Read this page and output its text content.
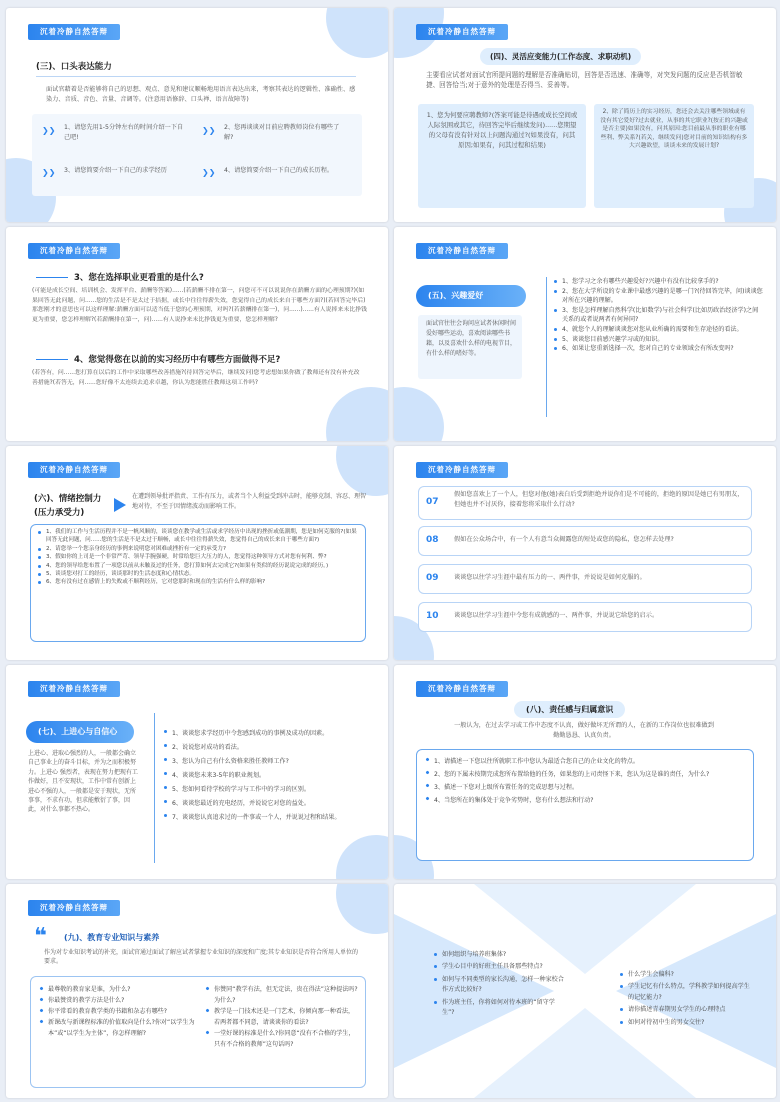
沉着冷静自然答辩
(三)、口头表达能力
面试官藉着是否能够将自己的思想、观点、意见和建议顺畅地用语言表达出来，考察其表达的逻辑性、准确性、感染力、音质、音色、音量、音调等。(注意用语修辞、口头禅、语言故障等)
❯❯ 1、请您先用1-5分钟左右的时间介绍一下自己吧!
❯❯ 2、您再谈谈对目前应聘教师岗位有哪些了解?
❯❯ 3、请您简要介绍一下自己的求学经历	❯❯ 4、请您简要介绍一下自己的成长历程。
沉着冷静自然答辩
(四)、灵活应变能力(工作态度、求职动机)
主要看应试者对面试官所提问题的理解是否准确贴切，回答是否迅速、准确等，对突发问题的反应是否机智敏捷、回答恰当;对于意外的处理是否得当、妥善等。
1、您为何要应聘教师?(答案可能是待遇或成长空间或人际氛围或其它，待回答完毕后继续发问)......您期望的父母有没有针对以上问题沟通过?(如果没有，问其原因;如果有，问其过程和结果)
2、除了简历上的实习经历，您还会去关注哪些领域或有没有其它爱好?过去就业，从事的其它职业?(按正的兴趣或是否主要)如果没有，问其原因:您目前最从事的职业有哪些利、弊关系?(若关，继续发问)您对目前的知识结构有多大兴趣欲望，谈谈未来的发展计划?
沉着冷静自然答辩
3、您在选择职业更看重的是什么?
(可能是成长空间、培训机会、发挥平台、薪酬等答案)......(若薪酬不排在第一，问您可不可以说说你在薪酬方面的心理预期?)(如果回答无此问题，问......您的生活是不是太过于拮据，或长中往往得薪失效，您觉得自己的成长来自于哪些方面?)(若回答完毕后)那您刚才的意思也可以这样理解:薪酬方面可以适当低于您的心理预期，对吗?(若薪酬排在第一)，问......)......有人说摔来未比挣钱更为重要，您怎样理解?(若薪酬排在第一，问)......有人说挣来未比挣钱更为重要，您怎样理解?
4、您觉得您在以前的实习经历中有哪些方面做得不足?
(若答有，问......您打算在以后的工作中采取哪些改善措施?(待回答完毕后，继续发问)您考虑想如果你做了教师还有没有补充改善措施?(若答无，问......您好像不太连续去追求卓越，你认为您能胜任教师这项工作吗?
沉着冷静自然答辩
(五)、兴趣爱好
面试官往往会询问应试者休闲时间爱好哪些运动，喜欢阅读哪些书籍，以及喜欢什么样的电视节目，有什么样的嗜好等。
1、您学习之余有哪些兴趣爱好?兴趣中有没有比较拿手的?
2、您在大学所设的专业课中最感兴趣的是哪一门?(待回答完毕，问)谈谈您对所在兴趣的理解。
3、您是怎样理解自然科学(比如数学)与社会科学(比如历政治经济学)之间关系的或者说两者有何异同?
4、就您个人的理解谈谈您对您从业所确的需要和生存途径的看法。
5、谈谈您目前感兴趣学习或的知识。
6、如果让您重新选择一次，您对自己的专业领域会有所改变吗?
沉着冷静自然答辩
(六)、情绪控制力
(压力承受力)
在遭到领导批评指责、工作有压力，或者当个人利益受到冲击时，能够克制、容忍、理智地对待，不至于因情绪波动而影响工作。
1、我们的工作与生活历程并不是一帆风顺的，谈谈您在教学或生活或求学经历中出现的挫折或低潮期，您是如何克服的?(如果回答无此问题，问......您的生活是不是太过于顺畅，或长中往往得薪失效，您觉得自己的成长来自于哪些方面?)
2、请您举一个您亲身经历的事例来说明您对困难或挫折有一定的承受力?
3、假如你的上司是一个非常严苛、领导手腕强硬，时常给您巨大压力的人，您觉得这种领导方式对您有何利、弊?
4、您的领导给您布置了一项您以前从未触及过的任务，您打算如何去完成它?(如果有类似的经历说说完成的经历。)
5、谈谈您对打工的经历，谈谈那时的生活态度和心情状态。
6、您有没有过在感情上的失败或不顺利经历，它对您那时和现在的生活有什么样的影响?
沉着冷静自然答辩
07
假如您喜欢上了一个人，但您对他(她)表白后受到拒绝并说你们是不可能的，拒绝的原因是她已有男朋友，但她也并不讨厌你，接着您将采取什么行动?
08 假如在公众场合中，有一个人有意当众揭露您的短处或您的隐私，您怎样去处理?
09 谈谈您以往学习生涯中最有压力的一、两件事，并说说是如何克服的。
10 谈谈您以往学习生涯中令您有成就感的一、两件事，并说说它给您的启示。
沉着冷静自然答辩
(七)、上进心与自信心
上进心、进取心强烈的人，一般都会确立自己事业上的奋斗目标，并为之而积极努力。上进心 强烈者，表现在努力把现有工作做好，且不安现状，工作中常有创新上进心不强的人，一般都是安于现状，无所事事，不求有功，但求能敷衍了事，因此，对什么事都不热心。
1、谈谈您求学经历中令您感到成功的事例及成功的因素。
2、说说您对成功的看法。
3、您认为自己有什么资格来胜任教师工作?
4、谈谈您未来3-5年的职业规划。
5、您如何看待学校的学习与工作中的学习的区别。
6、谈谈您最近的充电经历，并说说它对您的益处。
7、谈谈您认真追求过的一件事或一个人，并说说过程和结果。
沉着冷静自然答辩
(八)、责任感与归属意识
一般认为，在过去学习或工作中态度不认真，做好做坏无所谓的人，在新的工作岗位也很难做到勤勤恳恳、认真负责。
1、请描述一下您以往所就职工作中您认为最适合您自己的企业文化的特点。
2、您的下属未按期完成您所布置给他的任务，如果您的上司责怪下来，您认为这是谁的责任，为什么?
3、描述一下您对上级所布置任务的完成思想与过程。
4、当您所在的集体处于竞争劣势时，您有什么想法和行动?
沉着冷静自然答辩
❝ (九)、教育专业知识与素养
作为对专业知识考试的补充，面试官通过面试了解应试者掌握专业知识的深度和广度;其专业知识是否符合所用人单位的要求。
最尊敬的教育家是谁，为什么?
你最赞赏的教学方法是什么?
你平常看的教育教学类的书籍和杂志有哪些?
新课改与新课程标准的价值取向是什么?你对“以学生为本”或“以学生为主体”，你怎样理解?
你赞同“教学有法，但无定法，贵在得法”这种提法吗?为什么?
教学是一门技术还是一门艺术，你倾向那一种看法，若两者都不同意，请谈谈你的看法?
一堂好课的标准是什么?你同意“没有不合格的学生，只有不合格的教师”这句话吗?
如何组织与培养班集体?
学生心目中的好班主任具备那些特点?
如何与不同类型的家长沟通，怎样一种家校合作方式比较好?
作为班主任，你将如何对待本班的“留守学生”?
什么学生会偏科?
学生记忆有什么特点，学科教学如何提高学生的记忆能力?
请你描述青春期男女学生的心理特点
如何对待初中生的男女交往?
